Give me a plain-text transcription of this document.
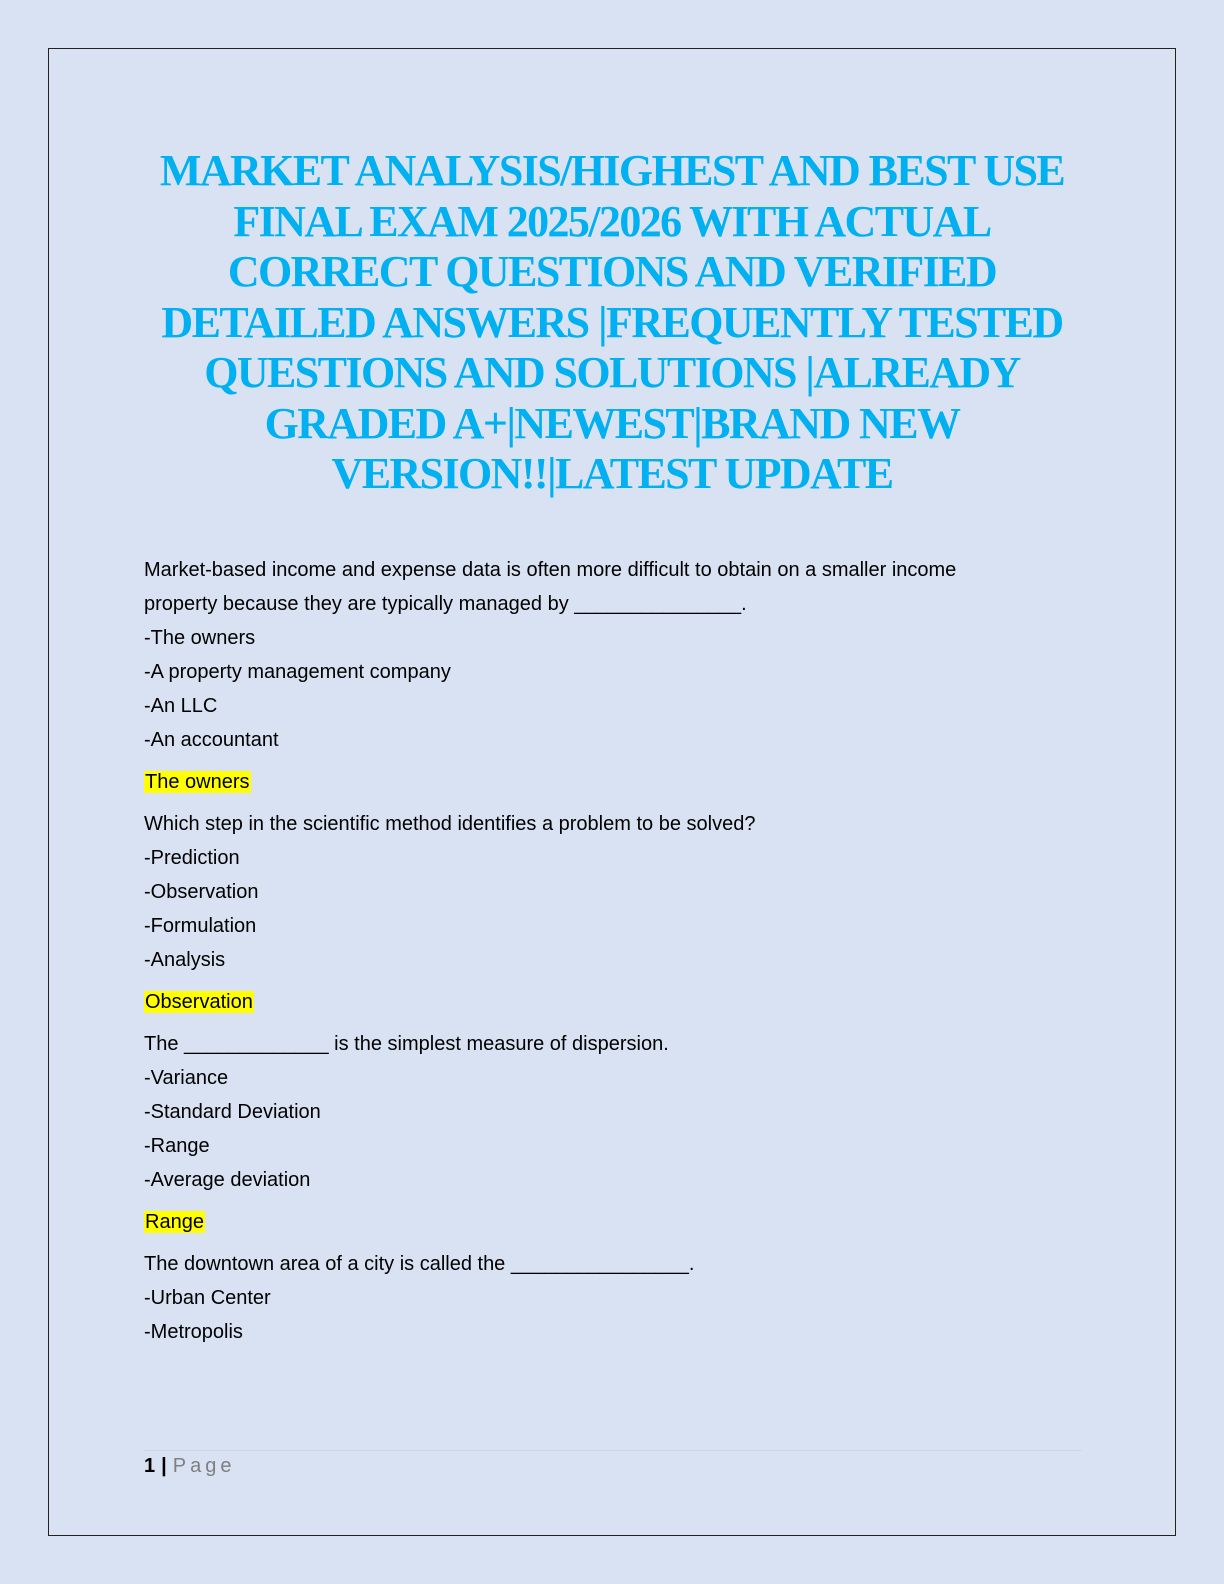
MARKET ANALYSIS/HIGHEST AND BEST USE FINAL EXAM 2025/2026 WITH ACTUAL CORRECT QUESTIONS AND VERIFIED DETAILED ANSWERS |FREQUENTLY TESTED QUESTIONS AND SOLUTIONS |ALREADY GRADED A+|NEWEST|BRAND NEW VERSION!!|LATEST UPDATE
Market-based income and expense data is often more difficult to obtain on a smaller income
property because they are typically managed by _______________.
-The owners
-A property management company
-An LLC
-An accountant
The owners
Which step in the scientific method identifies a problem to be solved?
-Prediction
-Observation
-Formulation
-Analysis
Observation
The _____________ is the simplest measure of dispersion.
-Variance
-Standard Deviation
-Range
-Average deviation
Range
The downtown area of a city is called the ________________.
-Urban Center
-Metropolis
1 | Page
